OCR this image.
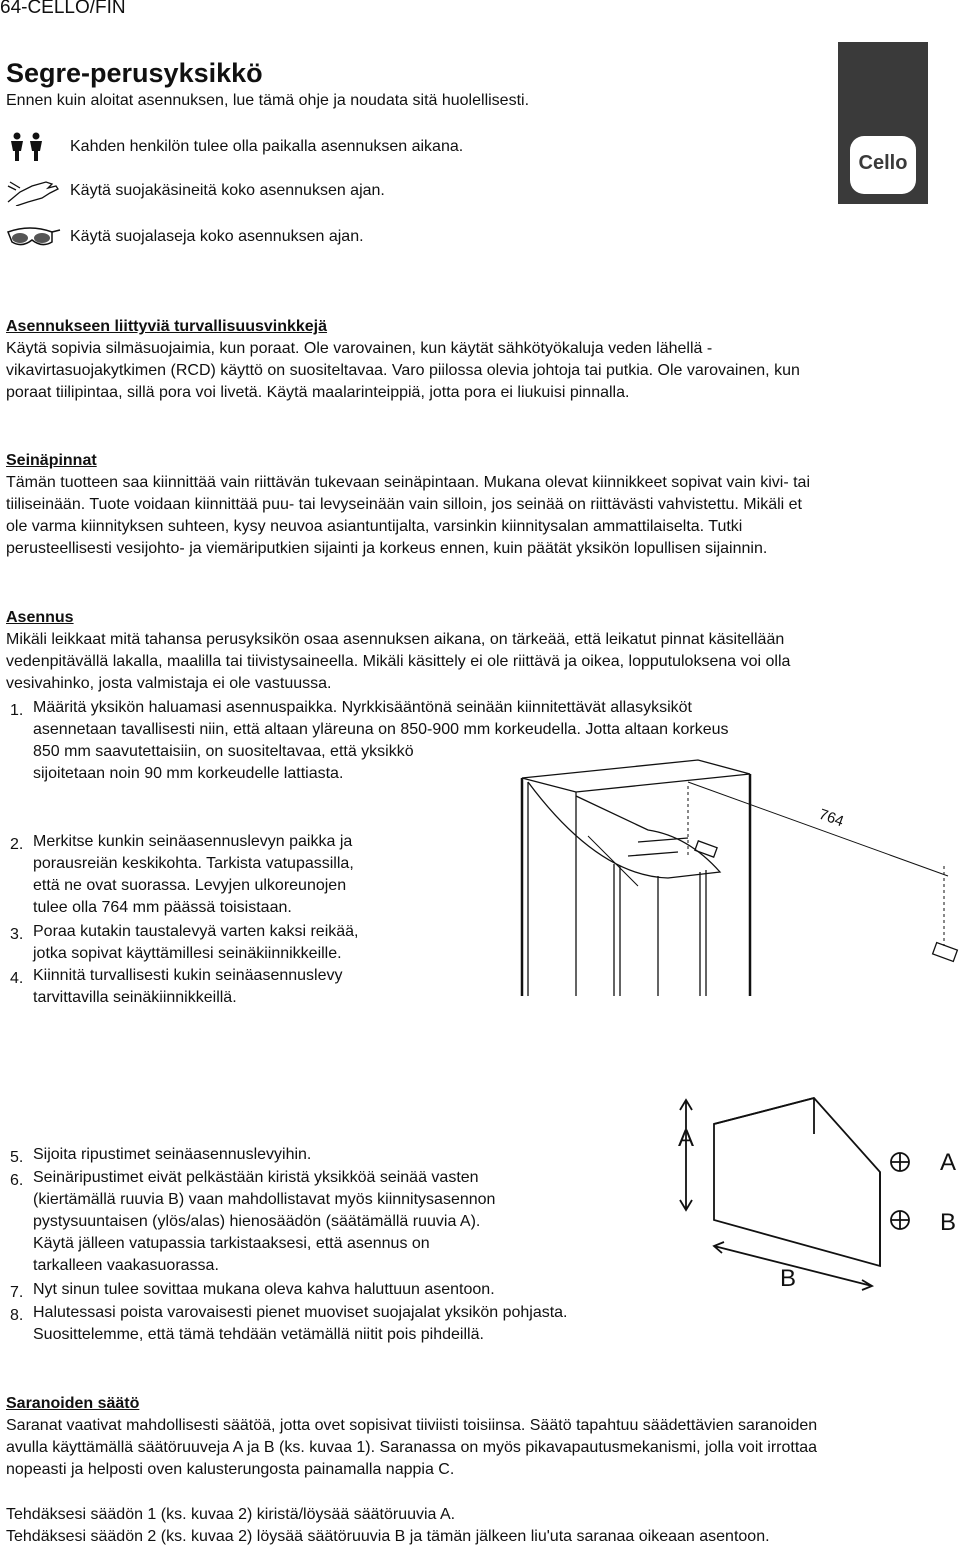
64-CELLO/FIN
Segre-perusyksikkö
Ennen kuin aloitat asennuksen, lue tämä ohje ja noudata sitä huolellisesti.
Cello
Kahden henkilön tulee olla paikalla asennuksen aikana.
Käytä suojakäsineitä koko asennuksen ajan.
Käytä suojalaseja koko asennuksen ajan.
Asennukseen liittyviä turvallisuusvinkkejä

Käytä sopivia silmäsuojaimia, kun poraat. Ole varovainen, kun käytät sähkötyökaluja veden lähellä -

vikavirtasuojakytkimen (RCD) käyttö on suositeltavaa. Varo piilossa olevia johtoja tai putkia. Ole varovainen, kun

poraat tiilipintaa, sillä pora voi livetä. Käytä maalarinteippiä, jotta pora ei liukuisi pinnalla.

Seinäpinnat

Tämän tuotteen saa kiinnittää vain riittävän tukevaan seinäpintaan. Mukana olevat kiinnikkeet sopivat vain kivi- tai

tiiliseinään. Tuote voidaan kiinnittää puu- tai levyseinään vain silloin, jos seinää on riittävästi vahvistettu. Mikäli et

ole varma kiinnityksen suhteen, kysy neuvoa asiantuntijalta, varsinkin kiinnitysalan ammattilaiselta. Tutki

perusteellisesti vesijohto- ja viemäriputkien sijainti ja korkeus ennen, kuin päätät yksikön lopullisen sijainnin.

Asennus

Mikäli leikkaat mitä tahansa perusyksikön osaa asennuksen aikana, on tärkeää, että leikatut pinnat käsitellään

vedenpitävällä lakalla, maalilla tai tiivistysaineella. Mikäli käsittely ei ole riittävä ja oikea, lopputuloksena voi olla

vesivahinko, josta valmistaja ei ole vastuussa.

1. Määritä yksikön haluamasi asennuspaikka. Nyrkkisääntönä seinään kiinnitettävät allasyksiköt
asennetaan tavallisesti niin, että altaan yläreuna on 850-900 mm korkeudella. Jotta altaan korkeus
850 mm saavutettaisiin, on suositeltavaa, että yksikkö
sijoitetaan noin 90 mm korkeudelle lattiasta.
2. Merkitse kunkin seinäasennuslevyn paikka ja
porausreiän keskikohta. Tarkista vatupassilla,
että ne ovat suorassa. Levyjen ulkoreunojen
tulee olla 764 mm päässä toisistaan.
3. Poraa kutakin taustalevyä varten kaksi reikää,
jotka sopivat käyttämillesi seinäkiinnikkeille.
4. Kiinnitä turvallisesti kukin seinäasennuslevy
tarvittavilla seinäkiinnikkeillä.
5. Sijoita ripustimet seinäasennuslevyihin.
6. Seinäripustimet eivät pelkästään kiristä yksikköä seinää vasten
(kiertämällä ruuvia B) vaan mahdollistavat myös kiinnitysasennon
pystysuuntaisen (ylös/alas) hienosäädön (säätämällä ruuvia A).
Käytä jälleen vatupassia tarkistaaksesi, että asennus on
tarkalleen vaakasuorassa.
7. Nyt sinun tulee sovittaa mukana oleva kahva haluttuun asentoon.
8. Halutessasi poista varovaisesti pienet muoviset suojajalat yksikön pohjasta.
Suosittelemme, että tämä tehdään vetämällä niitit pois pihdeillä.
764
A
A
B
B
Saranoiden säätö

Saranat vaativat mahdollisesti säätöä, jotta ovet sopisivat tiiviisti toisiinsa. Säätö tapahtuu säädettävien saranoiden

avulla käyttämällä säätöruuveja A ja B (ks. kuvaa 1). Saranassa on myös pikavapautusmekanismi, jolla voit irrottaa

nopeasti ja helposti oven kalusterungosta painamalla nappia C.

Tehdäksesi säädön 1 (ks. kuvaa 2) kiristä/löysää säätöruuvia A.

Tehdäksesi säädön 2 (ks. kuvaa 2) löysää säätöruuvia B ja tämän jälkeen liu'uta saranaa oikeaan asentoon.
